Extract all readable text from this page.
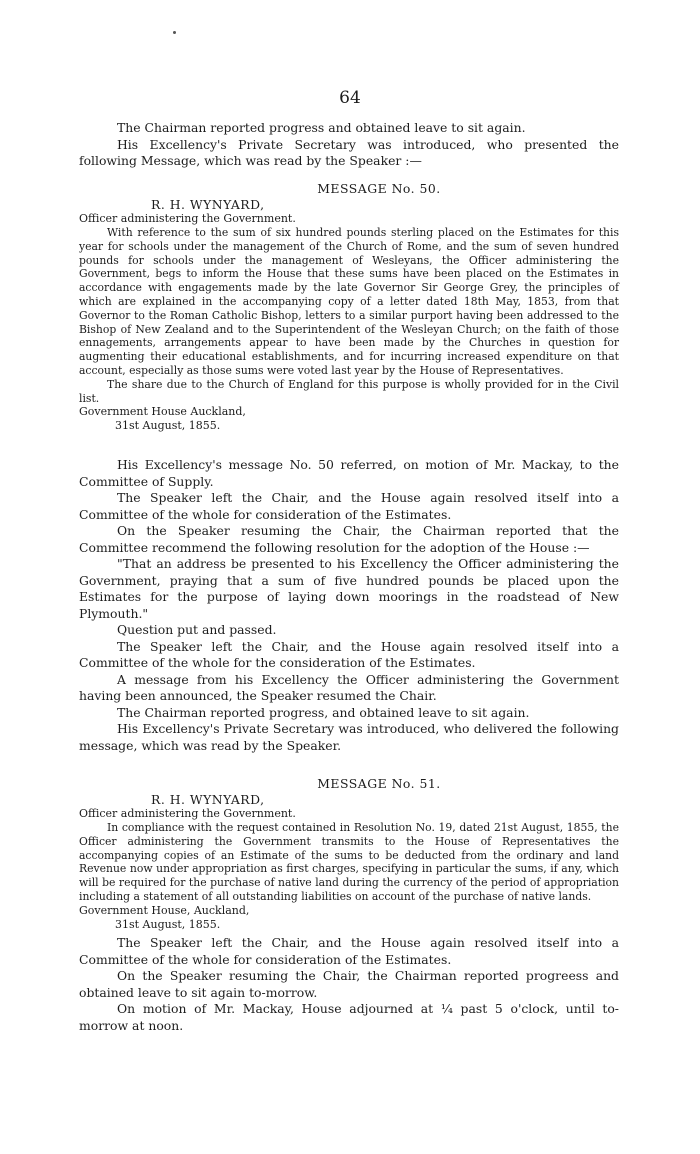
64

The Chairman reported progress and obtained leave to sit again.

His Excellency's Private Secretary was introduced, who presented the following Message, which was read by the Speaker :—

MESSAGE No. 50.

R. H. WYNYARD,

Officer administering the Government.

With reference to the sum of six hundred pounds sterling placed on the Estimates for this year for schools under the management of the Church of Rome, and the sum of seven hundred pounds for schools under the management of Wesleyans, the Officer administering the Government, begs to inform the House that these sums have been placed on the Estimates in accordance with engagements made by the late Governor Sir George Grey, the principles of which are explained in the accompanying copy of a letter dated 18th May, 1853, from that Governor to the Roman Catholic Bishop, letters to a similar purport having been addressed to the Bishop of New Zealand and to the Superintendent of the Wesleyan Church; on the faith of those ennagements, arrangements appear to have been made by the Churches in question for augmenting their educational establishments, and for incurring increased expenditure on that account, especially as those sums were voted last year by the House of Representatives.

The share due to the Church of England for this purpose is wholly provided for in the Civil list.

Government House Auckland,

31st August, 1855.

His Excellency's message No. 50 referred, on motion of Mr. Mackay, to the Committee of Supply.

The Speaker left the Chair, and the House again resolved itself into a Committee of the whole for consideration of the Estimates.

On the Speaker resuming the Chair, the Chairman reported that the Committee recommend the following resolution for the adoption of the House :—

"That an address be presented to his Excellency the Officer administering the Government, praying that a sum of five hundred pounds be placed upon the Estimates for the purpose of laying down moorings in the roadstead of New Plymouth."

Question put and passed.

The Speaker left the Chair, and the House again resolved itself into a Committee of the whole for the consideration of the Estimates.

A message from his Excellency the Officer administering the Government having been announced, the Speaker resumed the Chair.

The Chairman reported progress, and obtained leave to sit again.

His Excellency's Private Secretary was introduced, who delivered the following message, which was read by the Speaker.

MESSAGE No. 51.

R. H. WYNYARD,

Officer administering the Government.

In compliance with the request contained in Resolution No. 19, dated 21st August, 1855, the Officer administering the Government transmits to the House of Representatives the accompanying copies of an Estimate of the sums to be deducted from the ordinary and land Revenue now under appropriation as first charges, specifying in particular the sums, if any, which will be required for the purchase of native land during the currency of the period of appropriation including a statement of all outstanding liabilities on account of the purchase of native lands.

Government House, Auckland,

31st August, 1855.

The Speaker left the Chair, and the House again resolved itself into a Committee of the whole for consideration of the Estimates.

On the Speaker resuming the Chair, the Chairman reported progreess and obtained leave to sit again to-morrow.

On motion of Mr. Mackay, House adjourned at ¼ past 5 o'clock, until to-morrow at noon.
